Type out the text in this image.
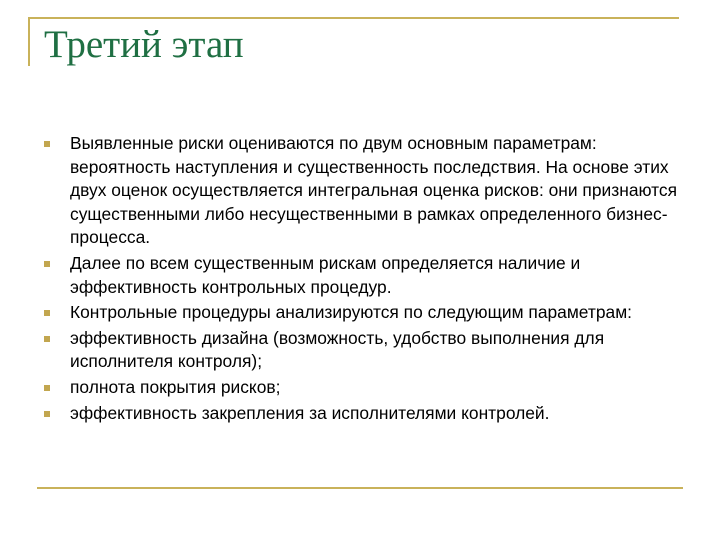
Третий этап
Выявленные риски оцениваются по двум основным параметрам: вероятность наступления и существенность последствия. На основе этих двух оценок осуществляется интегральная оценка рисков: они признаются существенными либо несущественными в рамках определенного бизнес-процесса.
Далее по всем существенным рискам определяется наличие и эффективность контрольных процедур.
Контрольные процедуры анализируются по следующим параметрам:
эффективность дизайна (возможность, удобство выполнения для исполнителя контроля);
полнота покрытия рисков;
эффективность закрепления за исполнителями контролей.
